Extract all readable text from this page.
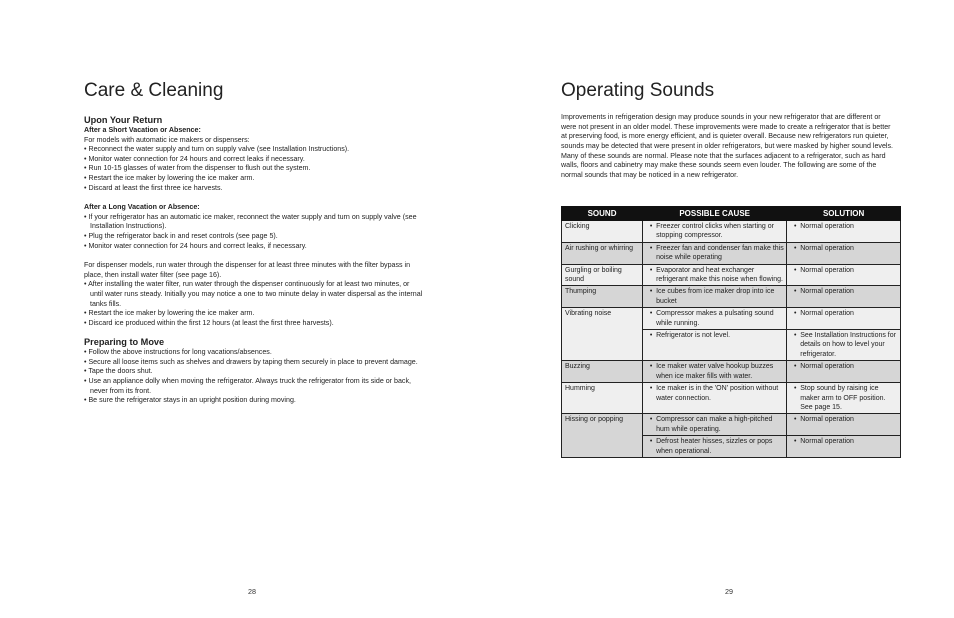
Care & Cleaning
Upon Your Return

After a Short Vacation or Absence:

For models with automatic ice makers or dispensers:

• Reconnect the water supply and turn on supply valve (see Installation Instructions).

• Monitor water connection for 24 hours and correct leaks if necessary.

• Run 10-15 glasses of water from the dispenser to flush out the system.

• Restart the ice maker by lowering the ice maker arm.

• Discard at least the first three ice harvests.

After a Long Vacation or Absence:

• If your refrigerator has an automatic ice maker, reconnect the water supply and turn on supply valve (see Installation Instructions).

• Plug the refrigerator back in and reset controls (see page 5).

• Monitor water connection for 24 hours and correct leaks, if necessary.

For dispenser models, run water through the dispenser for at least three minutes with the filter bypass in place, then install water filter (see page 16).

• After installing the water filter, run water through the dispenser continuously for at least two minutes, or until water runs steady. Initially you may notice a one to two minute delay in water dispersal as the internal tanks fills.

• Restart the ice maker by lowering the ice maker arm.

• Discard ice produced within the first 12 hours (at least the first three harvests).

Preparing to Move

• Follow the above instructions for long vacations/absences.

• Secure all loose items such as shelves and drawers by taping them securely in place to prevent damage.

• Tape the doors shut.

• Use an appliance dolly when moving the refrigerator. Always truck the refrigerator from its side or back, never from its front.

• Be sure the refrigerator stays in an upright position during moving.

28
Operating Sounds
Improvements in refrigeration design may produce sounds in your new refrigerator that are different or were not present in an older model. These improvements were made to create a refrigerator that is better at preserving food, is more energy efficient, and is quieter overall. Because new refrigerators run quieter, sounds may be detected that were present in older refrigerators, but were masked by higher sound levels. Many of these sounds are normal. Please note that the surfaces adjacent to a refrigerator, such as hard walls, floors and cabinetry may make these sounds seem even louder. The following are some of the normal sounds that may be noticed in a new refrigerator.
SOUND	POSSIBLE CAUSE	SOLUTION
Clicking	• Freezer control clicks when starting or stopping compressor.	• Normal operation

Air rushing or whirring	• Freezer fan and condenser fan make this noise while operating	• Normal operation

Gurgling or boiling sound	• Evaporator and heat exchanger refrigerant make this noise when flowing.	• Normal operation

Thumping	• Ice cubes from ice maker drop into ice bucket	• Normal operation

Vibrating noise	• Compressor makes a pulsating sound while running.	• Normal operation

	• Refrigerator is not level.	• See Installation Instructions for details on how to level your refrigerator.

Buzzing	• Ice maker water valve hookup buzzes when ice maker fills with water.	• Normal operation

Humming	• Ice maker is in the 'ON' position without water connection.	• Stop sound by raising ice maker arm to OFF position. See page 15.

Hissing or popping	• Compressor can make a high-pitched hum while operating.	• Normal operation

	• Defrost heater hisses, sizzles or pops when operational.	• Normal operation
29
